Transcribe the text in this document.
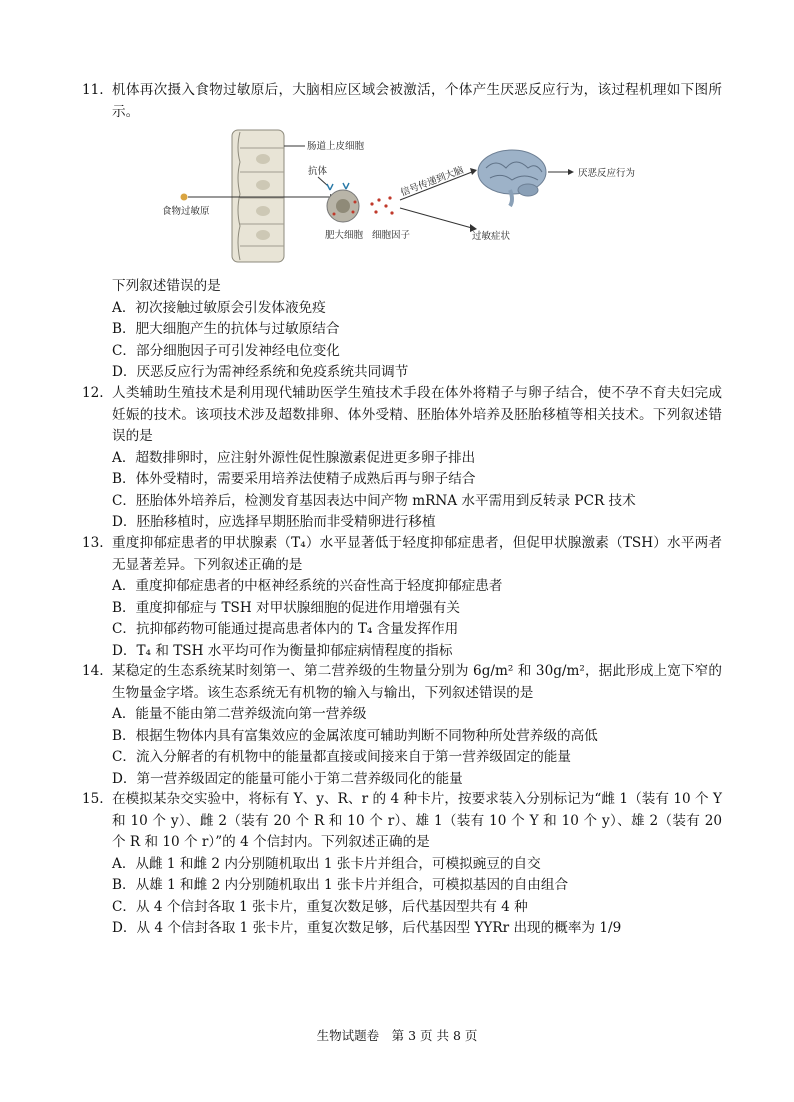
11. 机体再次摄入食物过敏原后，大脑相应区域会被激活，个体产生厌恶反应行为，该过程机理如下图所示。
食物过敏原
肠道上皮细胞
抗体
肥大细胞 细胞因子
信号传递到大脑
过敏症状
厌恶反应行为
下列叙述错误的是
A．初次接触过敏原会引发体液免疫
B．肥大细胞产生的抗体与过敏原结合
C．部分细胞因子可引发神经电位变化
D．厌恶反应行为需神经系统和免疫系统共同调节
12. 人类辅助生殖技术是利用现代辅助医学生殖技术手段在体外将精子与卵子结合，使不孕不育夫妇完成妊娠的技术。该项技术涉及超数排卵、体外受精、胚胎体外培养及胚胎移植等相关技术。下列叙述错误的是
A．超数排卵时，应注射外源性促性腺激素促进更多卵子排出
B．体外受精时，需要采用培养法使精子成熟后再与卵子结合
C．胚胎体外培养后，检测发育基因表达中间产物 mRNA 水平需用到反转录 PCR 技术
D．胚胎移植时，应选择早期胚胎而非受精卵进行移植
13. 重度抑郁症患者的甲状腺素（T₄）水平显著低于轻度抑郁症患者，但促甲状腺激素（TSH）水平两者无显著差异。下列叙述正确的是
A．重度抑郁症患者的中枢神经系统的兴奋性高于轻度抑郁症患者
B．重度抑郁症与 TSH 对甲状腺细胞的促进作用增强有关
C．抗抑郁药物可能通过提高患者体内的 T₄ 含量发挥作用
D．T₄ 和 TSH 水平均可作为衡量抑郁症病情程度的指标
14. 某稳定的生态系统某时刻第一、第二营养级的生物量分别为 6g/m² 和 30g/m²，据此形成上宽下窄的生物量金字塔。该生态系统无有机物的输入与输出，下列叙述错误的是
A．能量不能由第二营养级流向第一营养级
B．根据生物体内具有富集效应的金属浓度可辅助判断不同物种所处营养级的高低
C．流入分解者的有机物中的能量都直接或间接来自于第一营养级固定的能量
D．第一营养级固定的能量可能小于第二营养级同化的能量
15. 在模拟某杂交实验中，将标有 Y、y、R、r 的 4 种卡片，按要求装入分别标记为“雌 1（装有 10 个 Y 和 10 个 y）、雌 2（装有 20 个 R 和 10 个 r）、雄 1（装有 10 个 Y 和 10 个 y）、雄 2（装有 20 个 R 和 10 个 r）”的 4 个信封内。下列叙述正确的是
A．从雌 1 和雌 2 内分别随机取出 1 张卡片并组合，可模拟豌豆的自交
B．从雄 1 和雌 2 内分别随机取出 1 张卡片并组合，可模拟基因的自由组合
C．从 4 个信封各取 1 张卡片，重复次数足够，后代基因型共有 4 种
D．从 4 个信封各取 1 张卡片，重复次数足够，后代基因型 YYRr 出现的概率为 1/9
生物试题卷　第 3 页 共 8 页
